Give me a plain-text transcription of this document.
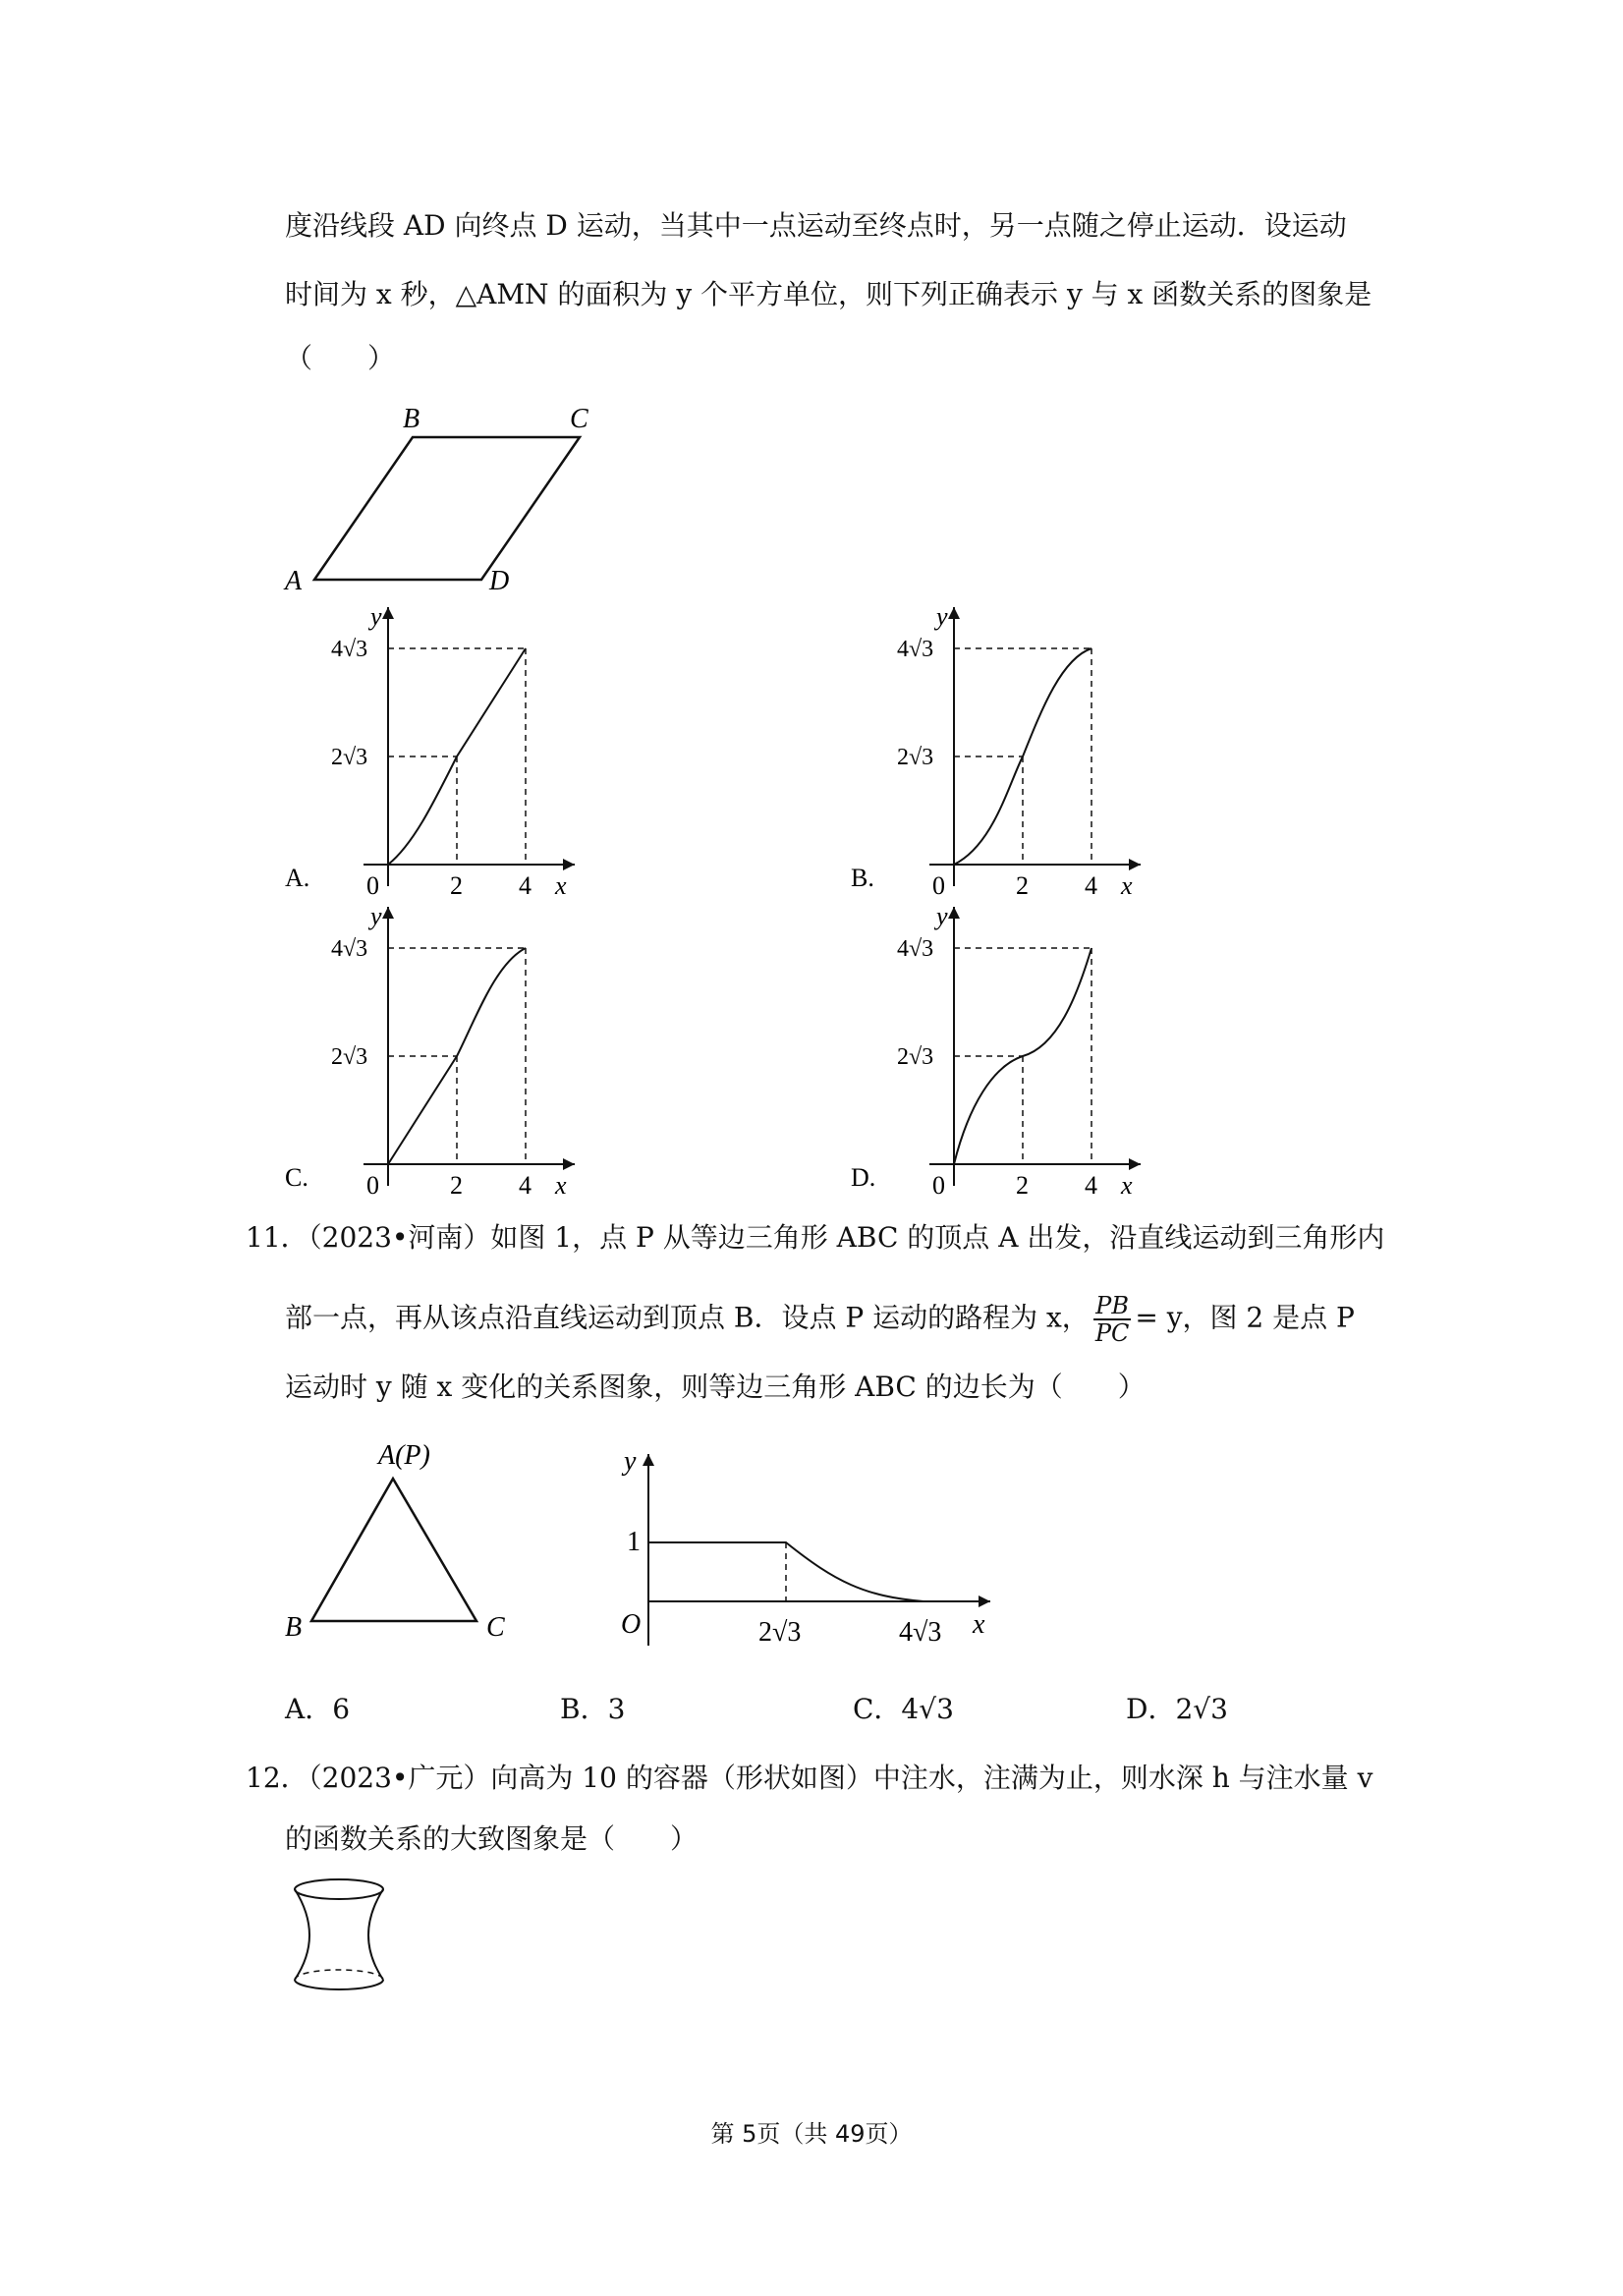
度沿线段 AD 向终点 D 运动，当其中一点运动至终点时，另一点随之停止运动．设运动
时间为 x 秒，△AMN 的面积为 y 个平方单位，则下列正确表示 y 与 x 函数关系的图象是
（　　）
A
B	C
D
y
x
0	2 4
2√3
4√3
A.
y
x
0	2 4
2√3
4√3
B.
y
x
0	2 4
2√3
4√3
C.
y
x
0	2 4
2√3
4√3
D.
11．（2023•河南）如图 1，点 P 从等边三角形 ABC 的顶点 A 出发，沿直线运动到三角形内
部一点，再从该点沿直线运动到顶点 B．设点 P 运动的路程为 x， $\frac{PB}{PC} = y$，图 2 是点 P
运动时 y 随 x 变化的关系图象，则等边三角形 ABC 的边长为（　　）
A(P)
B	C
y
x
O
1
2√3	4√3
A．6	B．3	C．4√3	D．2√3
12．（2023•广元）向高为 10 的容器（形状如图）中注水，注满为止，则水深 h 与注水量 v
的函数关系的大致图象是（　　）
第 5页（共 49页）
